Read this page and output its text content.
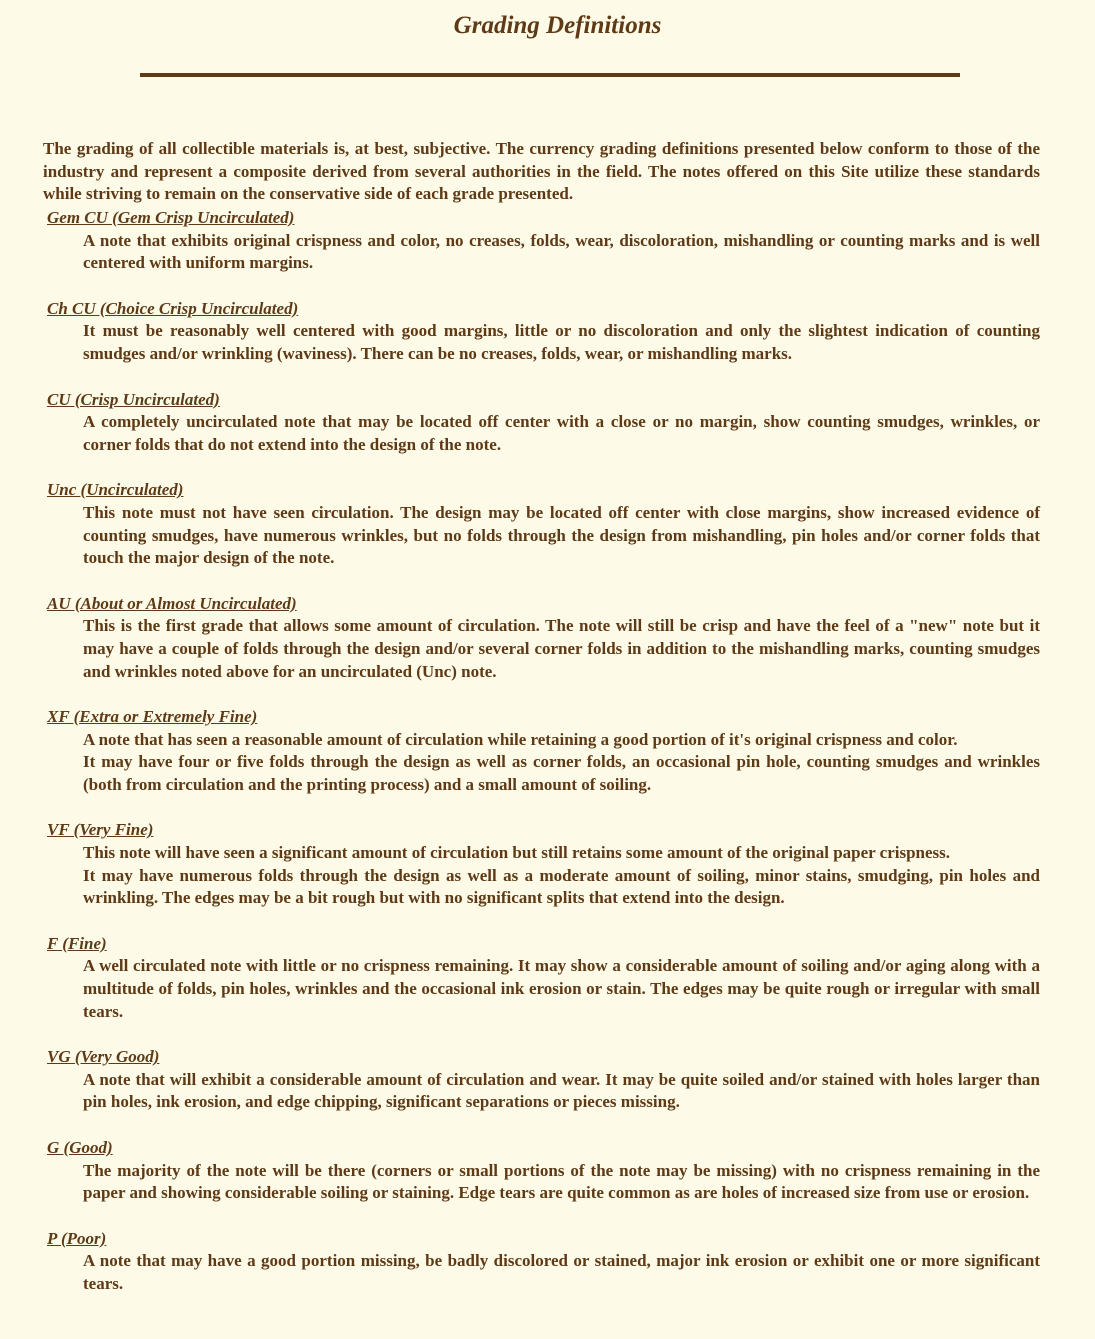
Grading Definitions

The grading of all collectible materials is, at best, subjective. The currency grading definitions presented below conform to those of the industry and represent a composite derived from several authorities in the field. The notes offered on this Site utilize these standards while striving to remain on the conservative side of each grade presented.

Gem CU (Gem Crisp Uncirculated)

A note that exhibits original crispness and color, no creases, folds, wear, discoloration, mishandling or counting marks and is well centered with uniform margins.

Ch CU (Choice Crisp Uncirculated)

It must be reasonably well centered with good margins, little or no discoloration and only the slightest indication of counting smudges and/or wrinkling (waviness). There can be no creases, folds, wear, or mishandling marks.

CU (Crisp Uncirculated)

A completely uncirculated note that may be located off center with a close or no margin, show counting smudges, wrinkles, or corner folds that do not extend into the design of the note.

Unc (Uncirculated)

This note must not have seen circulation. The design may be located off center with close margins, show increased evidence of counting smudges, have numerous wrinkles, but no folds through the design from mishandling, pin holes and/or corner folds that touch the major design of the note.

AU (About or Almost Uncirculated)

This is the first grade that allows some amount of circulation. The note will still be crisp and have the feel of a "new" note but it may have a couple of folds through the design and/or several corner folds in addition to the mishandling marks, counting smudges and wrinkles noted above for an uncirculated (Unc) note.

XF (Extra or Extremely Fine)

A note that has seen a reasonable amount of circulation while retaining a good portion of it's original crispness and color.
It may have four or five folds through the design as well as corner folds, an occasional pin hole, counting smudges and wrinkles (both from circulation and the printing process) and a small amount of soiling.

VF (Very Fine)

This note will have seen a significant amount of circulation but still retains some amount of the original paper crispness.
It may have numerous folds through the design as well as a moderate amount of soiling, minor stains, smudging, pin holes and wrinkling. The edges may be a bit rough but with no significant splits that extend into the design.

F (Fine)

A well circulated note with little or no crispness remaining. It may show a considerable amount of soiling and/or aging along with a multitude of folds, pin holes, wrinkles and the occasional ink erosion or stain. The edges may be quite rough or irregular with small tears.

VG (Very Good)

A note that will exhibit a considerable amount of circulation and wear. It may be quite soiled and/or stained with holes larger than pin holes, ink erosion, and edge chipping, significant separations or pieces missing.

G (Good)

The majority of the note will be there (corners or small portions of the note may be missing) with no crispness remaining in the paper and showing considerable soiling or staining. Edge tears are quite common as are holes of increased size from use or erosion.

P (Poor)

A note that may have a good portion missing, be badly discolored or stained, major ink erosion or exhibit one or more significant tears.
